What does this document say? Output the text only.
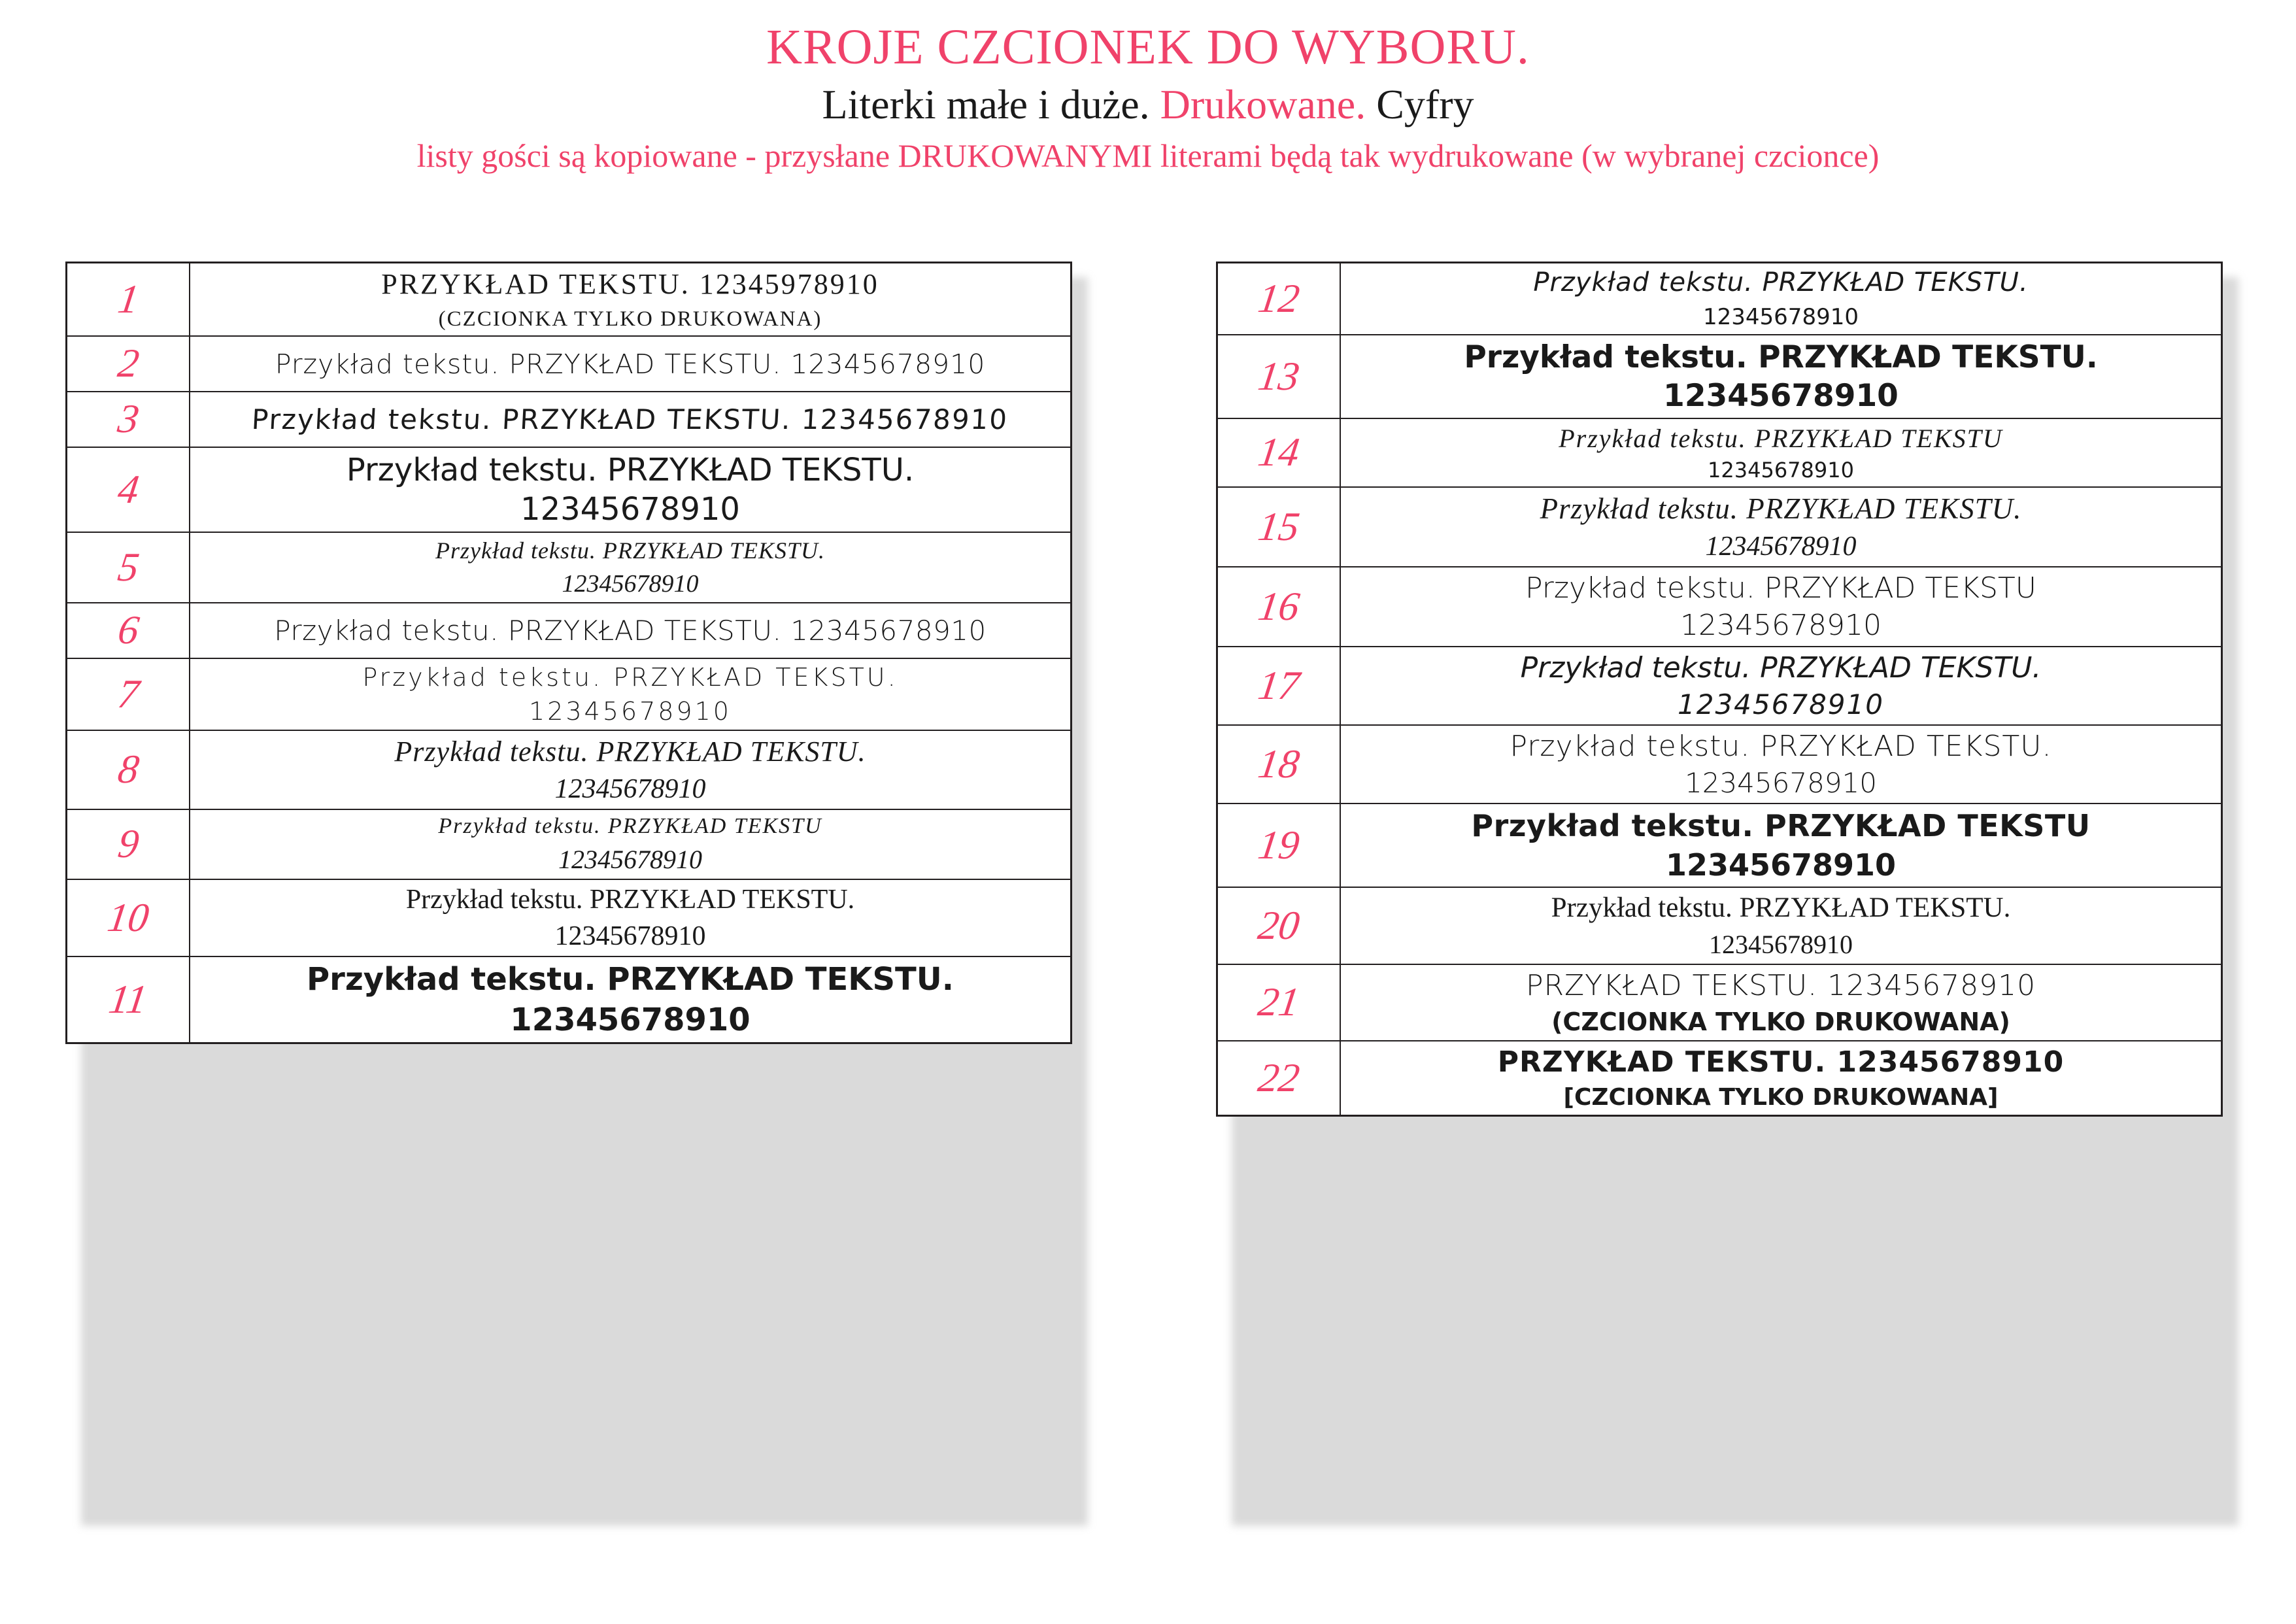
KROJE CZCIONEK DO WYBORU.
Literki małe i duże. Drukowane. Cyfry
listy gości są kopiowane - przysłane DRUKOWANYMI literami będą tak wydrukowane (w wybranej czcionce)
1	PRZYKŁAD TEKSTU. 12345978910
(CZCIONKA TYLKO DRUKOWANA)

2	Przykład tekstu. PRZYKŁAD TEKSTU. 12345678910

3	Przykład tekstu. PRZYKŁAD TEKSTU. 12345678910
4	Przykład tekstu. PRZYKŁAD TEKSTU.
12345678910

5	Przykład tekstu. PRZYKŁAD TEKSTU.
12345678910

6	Przykład tekstu. PRZYKŁAD TEKSTU. 12345678910

7	Przykład tekstu. PRZYKŁAD TEKSTU.
12345678910

8	Przykład tekstu. PRZYKŁAD TEKSTU.
12345678910

9	Przykład tekstu. PRZYKŁAD TEKSTU
12345678910

10	Przykład tekstu. PRZYKŁAD TEKSTU.
12345678910

11	Przykład tekstu. PRZYKŁAD TEKSTU.
12345678910
12	Przykład tekstu. PRZYKŁAD TEKSTU.
12345678910

13	Przykład tekstu. PRZYKŁAD TEKSTU.
12345678910

14	Przykład tekstu. PRZYKŁAD TEKSTU
12345678910

15	Przykład tekstu. PRZYKŁAD TEKSTU.
12345678910

16	Przykład tekstu. PRZYKŁAD TEKSTU
12345678910

17	Przykład tekstu. PRZYKŁAD TEKSTU.
12345678910

18	Przykład tekstu. PRZYKŁAD TEKSTU.
12345678910

19	Przykład tekstu. PRZYKŁAD TEKSTU
12345678910

20	Przykład tekstu. PRZYKŁAD TEKSTU.
12345678910

21	PRZYKŁAD TEKSTU. 12345678910
(CZCIONKA TYLKO DRUKOWANA)

22	PRZYKŁAD TEKSTU. 12345678910
[CZCIONKA TYLKO DRUKOWANA]
